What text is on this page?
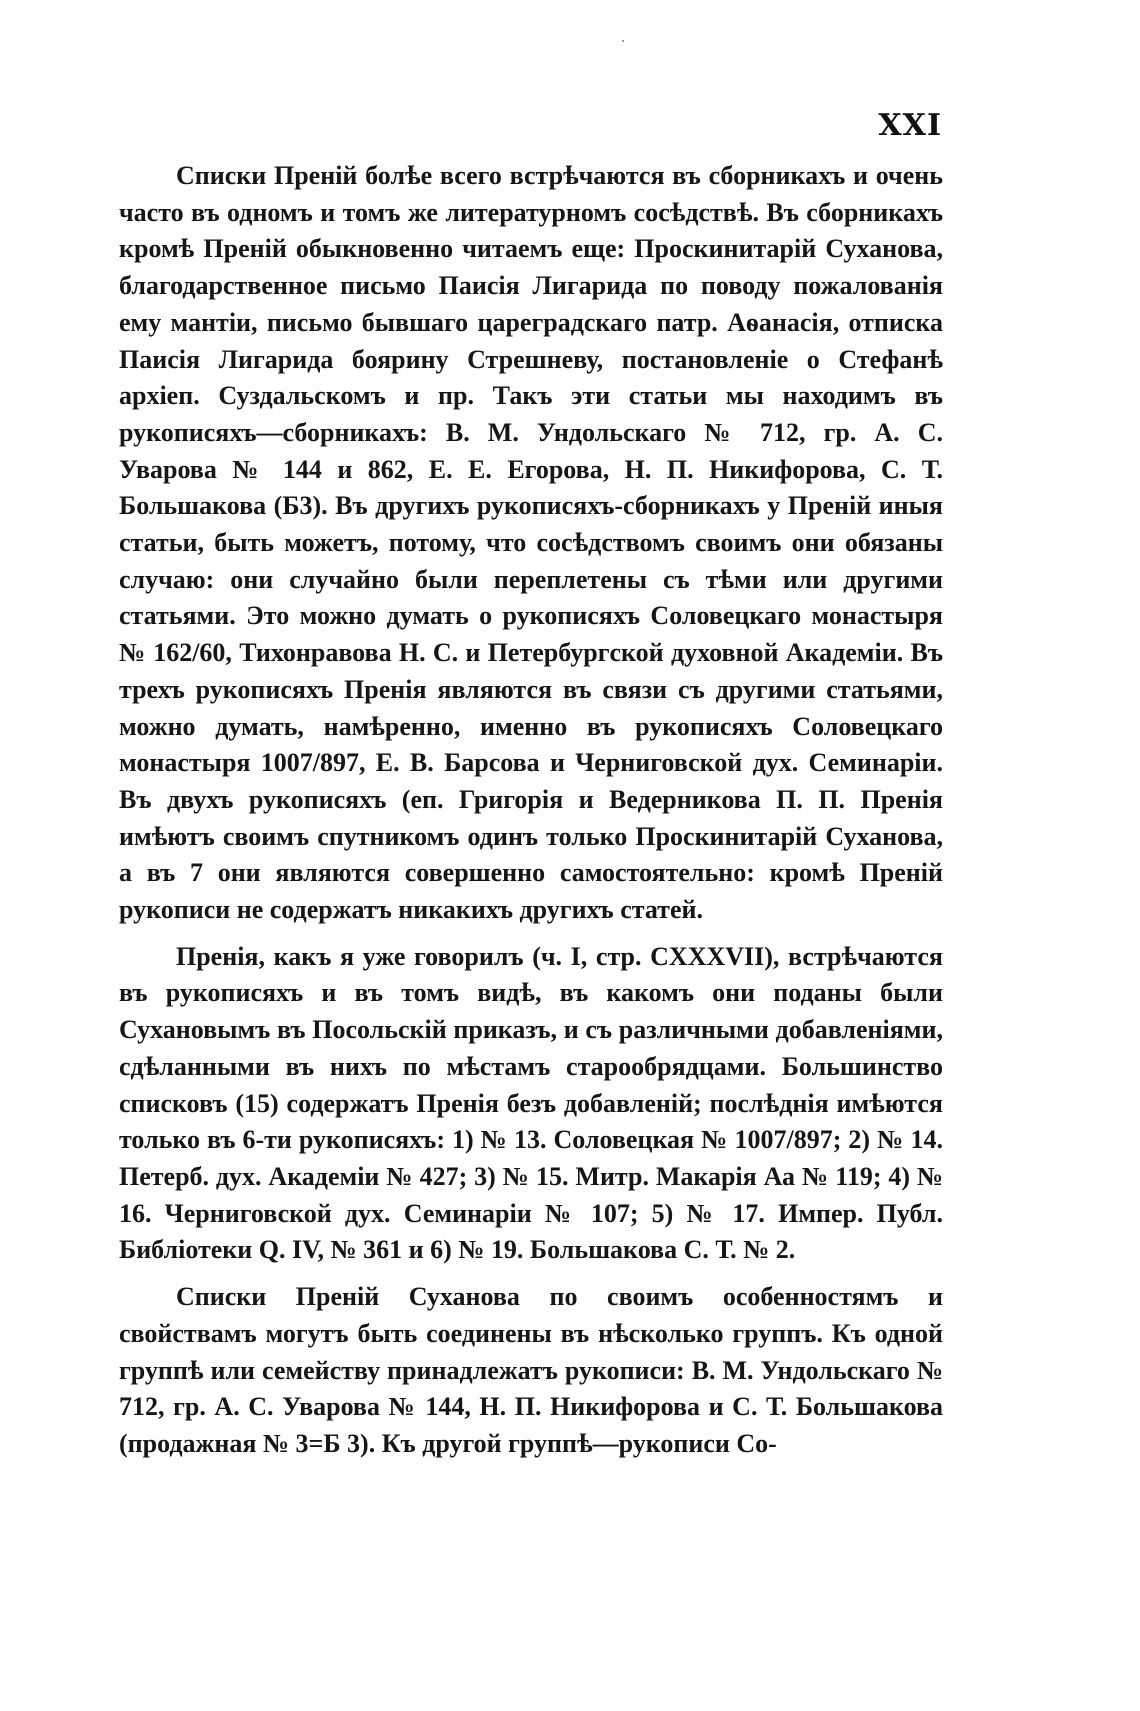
XXI

Списки Преній болѣе всего встрѣчаются въ сборникахъ и очень часто въ одномъ и томъ же литературномъ сосѣдствѣ. Въ сборникахъ кромѣ Преній обыкновенно читаемъ еще: Проскинитарій Суханова, благодарственное письмо Паисія Лигарида по поводу пожалованія ему мантіи, письмо бывшаго цареградскаго патр. Аѳанасія, отписка Паисія Лигарида боярину Стрешневу, постановленіе о Стефанѣ архіеп. Суздальскомъ и пр. Такъ эти статьи мы находимъ въ рукописяхъ—сборникахъ: В. М. Ундольскаго № 712, гр. А. С. Уварова № 144 и 862, Е. Е. Егорова, Н. П. Никифорова, С. Т. Большакова (Б3). Въ другихъ рукописяхъ-сборникахъ у Преній иныя статьи, быть можетъ, потому, что сосѣдствомъ своимъ они обязаны случаю: они случайно были переплетены съ тѣми или другими статьями. Это можно думать о рукописяхъ Соловецкаго монастыря № 162/60, Тихонравова Н. С. и Петербургской духовной Академіи. Въ трехъ рукописяхъ Пренія являются въ связи съ другими статьями, можно думать, намѣренно, именно въ рукописяхъ Соловецкаго монастыря 1007/897, Е. В. Барсова и Черниговской дух. Семинаріи. Въ двухъ рукописяхъ (еп. Григорія и Ведерникова П. П. Пренія имѣютъ своимъ спутникомъ одинъ только Проскинитарій Суханова, а въ 7 они являются совершенно самостоятельно: кромѣ Преній рукописи не содержатъ никакихъ другихъ статей.

Пренія, какъ я уже говорилъ (ч. I, стр. CXXXVII), встрѣчаются въ рукописяхъ и въ томъ видѣ, въ какомъ они поданы были Сухановымъ въ Посольскій приказъ, и съ различными добавленіями, сдѣланными въ нихъ по мѣстамъ старообрядцами. Большинство списковъ (15) содержатъ Пренія безъ добавленій; послѣднія имѣются только въ 6-ти рукописяхъ: 1) № 13. Соловецкая № 1007/897; 2) № 14. Петерб. дух. Академіи № 427; 3) № 15. Митр. Макарія Аа № 119; 4) № 16. Черниговской дух. Семинаріи № 107; 5) № 17. Импер. Публ. Библіотеки Q. IV, № 361 и 6) № 19. Большакова С. Т. № 2.

Списки Преній Суханова по своимъ особенностямъ и свойствамъ могутъ быть соединены въ нѣсколько группъ. Къ одной группѣ или семейству принадлежатъ рукописи: В. М. Ундольскаго № 712, гр. А. С. Уварова № 144, Н. П. Никифорова и С. Т. Большакова (продажная № 3=Б 3). Къ другой группѣ—рукописи Со-
